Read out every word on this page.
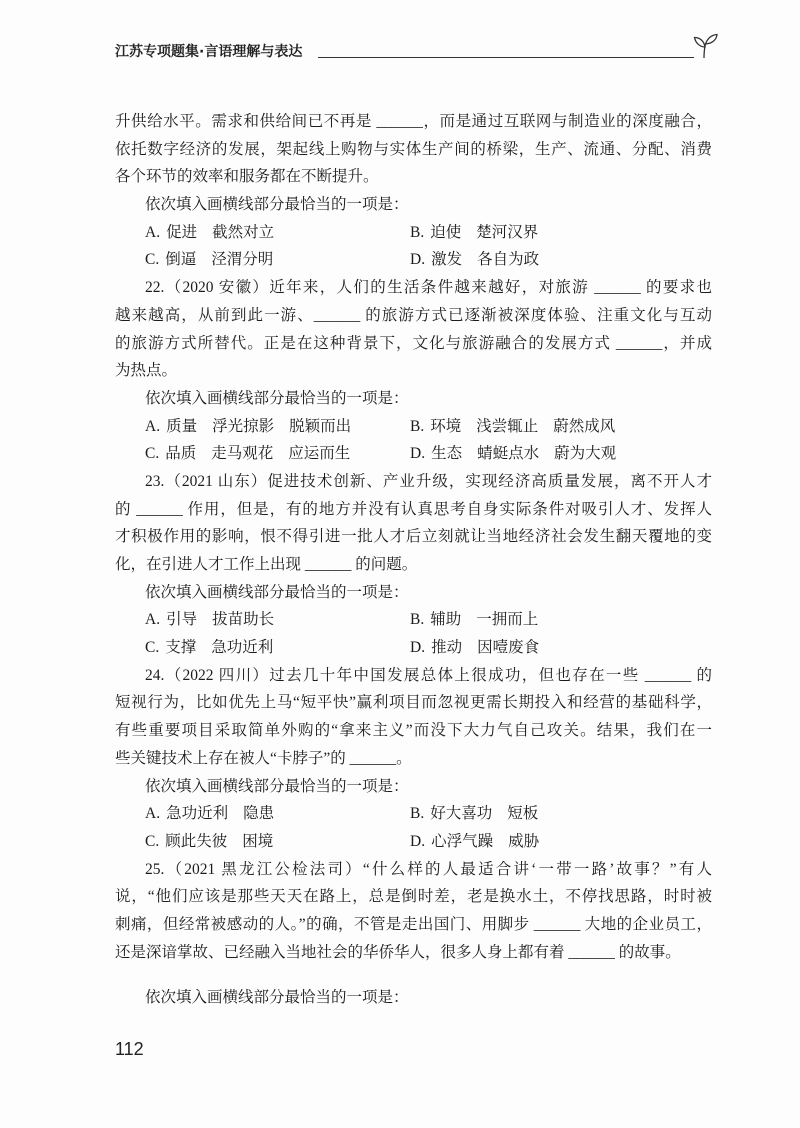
江苏专项题集·言语理解与表达
升供给水平。需求和供给间已不再是 ______，而是通过互联网与制造业的深度融合，
依托数字经济的发展，架起线上购物与实体生产间的桥梁，生产、流通、分配、消费
各个环节的效率和服务都在不断提升。
依次填入画横线部分最恰当的一项是：
A. 促进 截然对立	B. 迫使 楚河汉界
C. 倒逼 泾渭分明	D. 激发 各自为政
22.（2020 安徽）近年来，人们的生活条件越来越好，对旅游 ______ 的要求也
越来越高，从前到此一游、______ 的旅游方式已逐渐被深度体验、注重文化与互动
的旅游方式所替代。正是在这种背景下，文化与旅游融合的发展方式 ______，并成
为热点。
依次填入画横线部分最恰当的一项是：
A. 质量 浮光掠影 脱颖而出	B. 环境 浅尝辄止 蔚然成风
C. 品质 走马观花 应运而生	D. 生态 蜻蜓点水 蔚为大观
23.（2021 山东）促进技术创新、产业升级，实现经济高质量发展，离不开人才
的 ______ 作用，但是，有的地方并没有认真思考自身实际条件对吸引人才、发挥人
才积极作用的影响，恨不得引进一批人才后立刻就让当地经济社会发生翻天覆地的变
化，在引进人才工作上出现 ______ 的问题。
依次填入画横线部分最恰当的一项是：
A. 引导 拔苗助长	B. 辅助 一拥而上
C. 支撑 急功近利	D. 推动 因噎废食
24.（2022 四川）过去几十年中国发展总体上很成功，但也存在一些 ______ 的
短视行为，比如优先上马“短平快”赢利项目而忽视更需长期投入和经营的基础科学，
有些重要项目采取简单外购的“拿来主义”而没下大力气自己攻关。结果，我们在一
些关键技术上存在被人“卡脖子”的 ______。
依次填入画横线部分最恰当的一项是：
A. 急功近利 隐患	B. 好大喜功 短板
C. 顾此失彼 困境	D. 心浮气躁 威胁
25.（2021 黑龙江公检法司）“什么样的人最适合讲‘一带一路’故事？”有人
说，“他们应该是那些天天在路上，总是倒时差，老是换水土，不停找思路，时时被
刺痛，但经常被感动的人。”的确，不管是走出国门、用脚步 ______ 大地的企业员工，
还是深谙掌故、已经融入当地社会的华侨华人，很多人身上都有着 ______ 的故事。
依次填入画横线部分最恰当的一项是：
112
